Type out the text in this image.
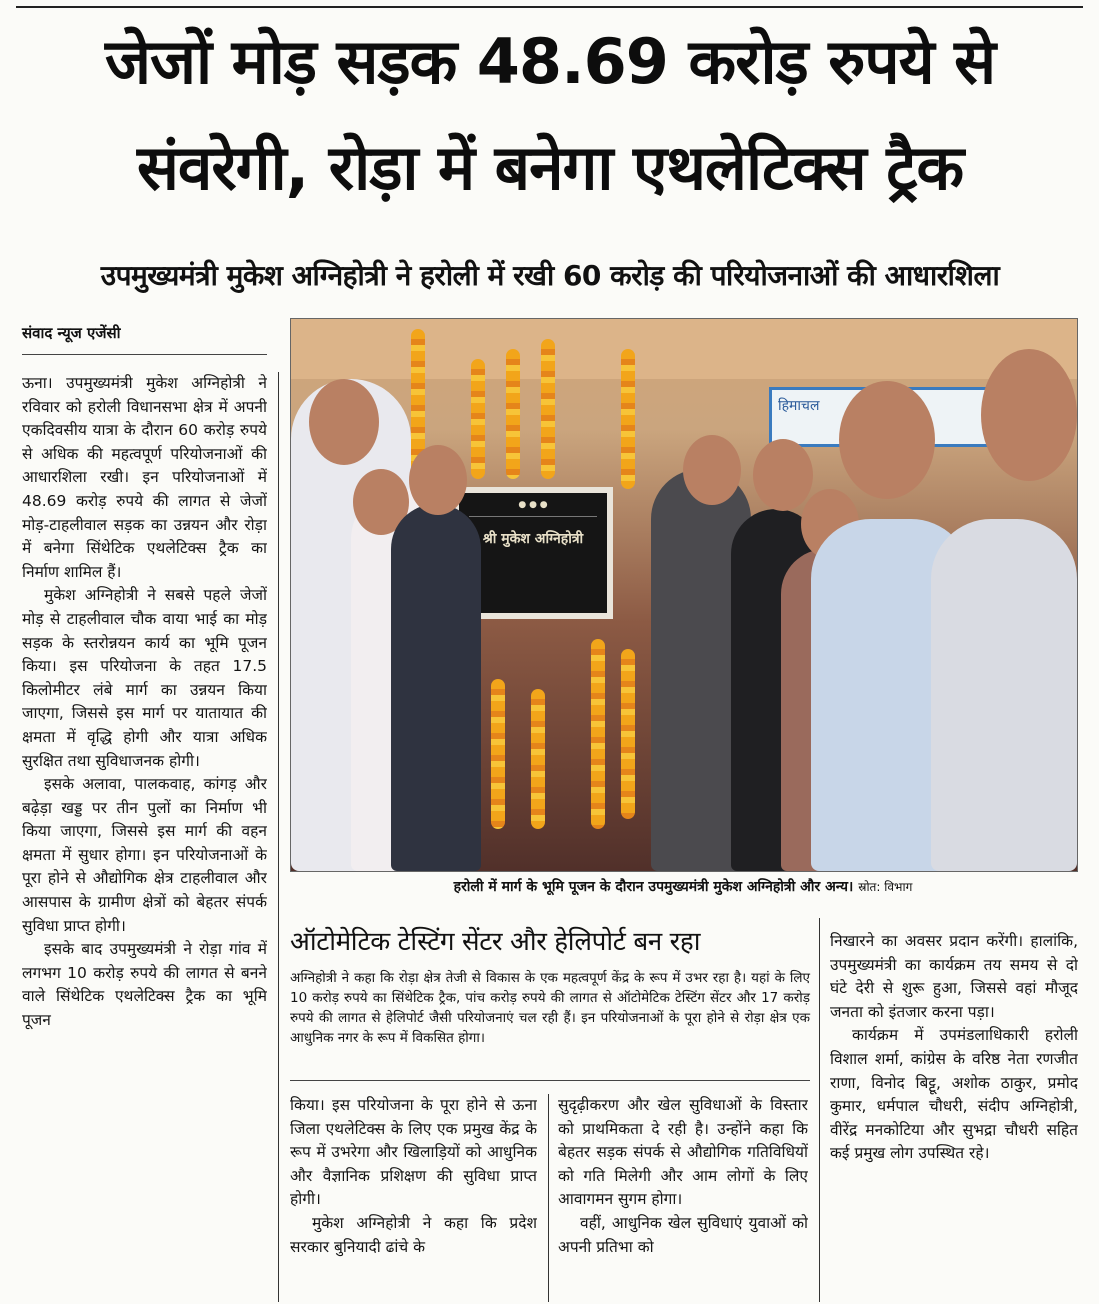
जेजों मोड़ सड़क 48.69 करोड़ रुपये से
संवरेगी, रोड़ा में बनेगा एथलेटिक्स ट्रैक
उपमुख्यमंत्री मुकेश अग्निहोत्री ने हरोली में रखी 60 करोड़ की परियोजनाओं की आधारशिला
संवाद न्यूज एजेंसी

ऊना। उपमुख्यमंत्री मुकेश अग्निहोत्री ने रविवार को हरोली विधानसभा क्षेत्र में अपनी एकदिवसीय यात्रा के दौरान 60 करोड़ रुपये से अधिक की महत्वपूर्ण परियोजनाओं की आधारशिला रखी। इन परियोजनाओं में 48.69 करोड़ रुपये की लागत से जेजों मोड़-टाहलीवाल सड़क का उन्नयन और रोड़ा में बनेगा सिंथेटिक एथलेटिक्स ट्रैक का निर्माण शामिल हैं।

मुकेश अग्निहोत्री ने सबसे पहले जेजों मोड़ से टाहलीवाल चौक वाया भाई का मोड़ सड़क के स्तरोन्नयन कार्य का भूमि पूजन किया। इस परियोजना के तहत 17.5 किलोमीटर लंबे मार्ग का उन्नयन किया जाएगा, जिससे इस मार्ग पर यातायात की क्षमता में वृद्धि होगी और यात्रा अधिक सुरक्षित तथा सुविधाजनक होगी।

इसके अलावा, पालकवाह, कांगड़ और बढ़ेड़ा खड्ड पर तीन पुलों का निर्माण भी किया जाएगा, जिससे इस मार्ग की वहन क्षमता में सुधार होगा। इन परियोजनाओं के पूरा होने से औद्योगिक क्षेत्र टाहलीवाल और आसपास के ग्रामीण क्षेत्रों को बेहतर संपर्क सुविधा प्राप्त होगी।

इसके बाद उपमुख्यमंत्री ने रोड़ा गांव में लगभग 10 करोड़ रुपये की लागत से बनने वाले सिंथेटिक एथलेटिक्स ट्रैक का भूमि पूजन

हिमाचल
● ● ●
श्री मुकेश अग्निहोत्री
हरोली में मार्ग के भूमि पूजन के दौरान उपमुख्यमंत्री मुकेश अग्निहोत्री और अन्य। स्रोत: विभाग
ऑटोमेटिक टेस्टिंग सेंटर और हेलिपोर्ट बन रहा
अग्निहोत्री ने कहा कि रोड़ा क्षेत्र तेजी से विकास के एक महत्वपूर्ण केंद्र के रूप में उभर रहा है। यहां के लिए 10 करोड़ रुपये का सिंथेटिक ट्रैक, पांच करोड़ रुपये की लागत से ऑटोमेटिक टेस्टिंग सेंटर और 17 करोड़ रुपये की लागत से हेलिपोर्ट जैसी परियोजनाएं चल रही हैं। इन परियोजनाओं के पूरा होने से रोड़ा क्षेत्र एक आधुनिक नगर के रूप में विकसित होगा।

किया। इस परियोजना के पूरा होने से ऊना जिला एथलेटिक्स के लिए एक प्रमुख केंद्र के रूप में उभरेगा और खिलाड़ियों को आधुनिक और वैज्ञानिक प्रशिक्षण की सुविधा प्राप्त होगी।

मुकेश अग्निहोत्री ने कहा कि प्रदेश सरकार बुनियादी ढांचे के

सुदृढ़ीकरण और खेल सुविधाओं के विस्तार को प्राथमिकता दे रही है। उन्होंने कहा कि बेहतर सड़क संपर्क से औद्योगिक गतिविधियों को गति मिलेगी और आम लोगों के लिए आवागमन सुगम होगा।

वहीं, आधुनिक खेल सुविधाएं युवाओं को अपनी प्रतिभा को

निखारने का अवसर प्रदान करेंगी। हालांकि, उपमुख्यमंत्री का कार्यक्रम तय समय से दो घंटे देरी से शुरू हुआ, जिससे वहां मौजूद जनता को इंतजार करना पड़ा।

कार्यक्रम में उपमंडलाधिकारी हरोली विशाल शर्मा, कांग्रेस के वरिष्ठ नेता रणजीत राणा, विनोद बिट्टू, अशोक ठाकुर, प्रमोद कुमार, धर्मपाल चौधरी, संदीप अग्निहोत्री, वीरेंद्र मनकोटिया और सुभद्रा चौधरी सहित कई प्रमुख लोग उपस्थित रहे।
